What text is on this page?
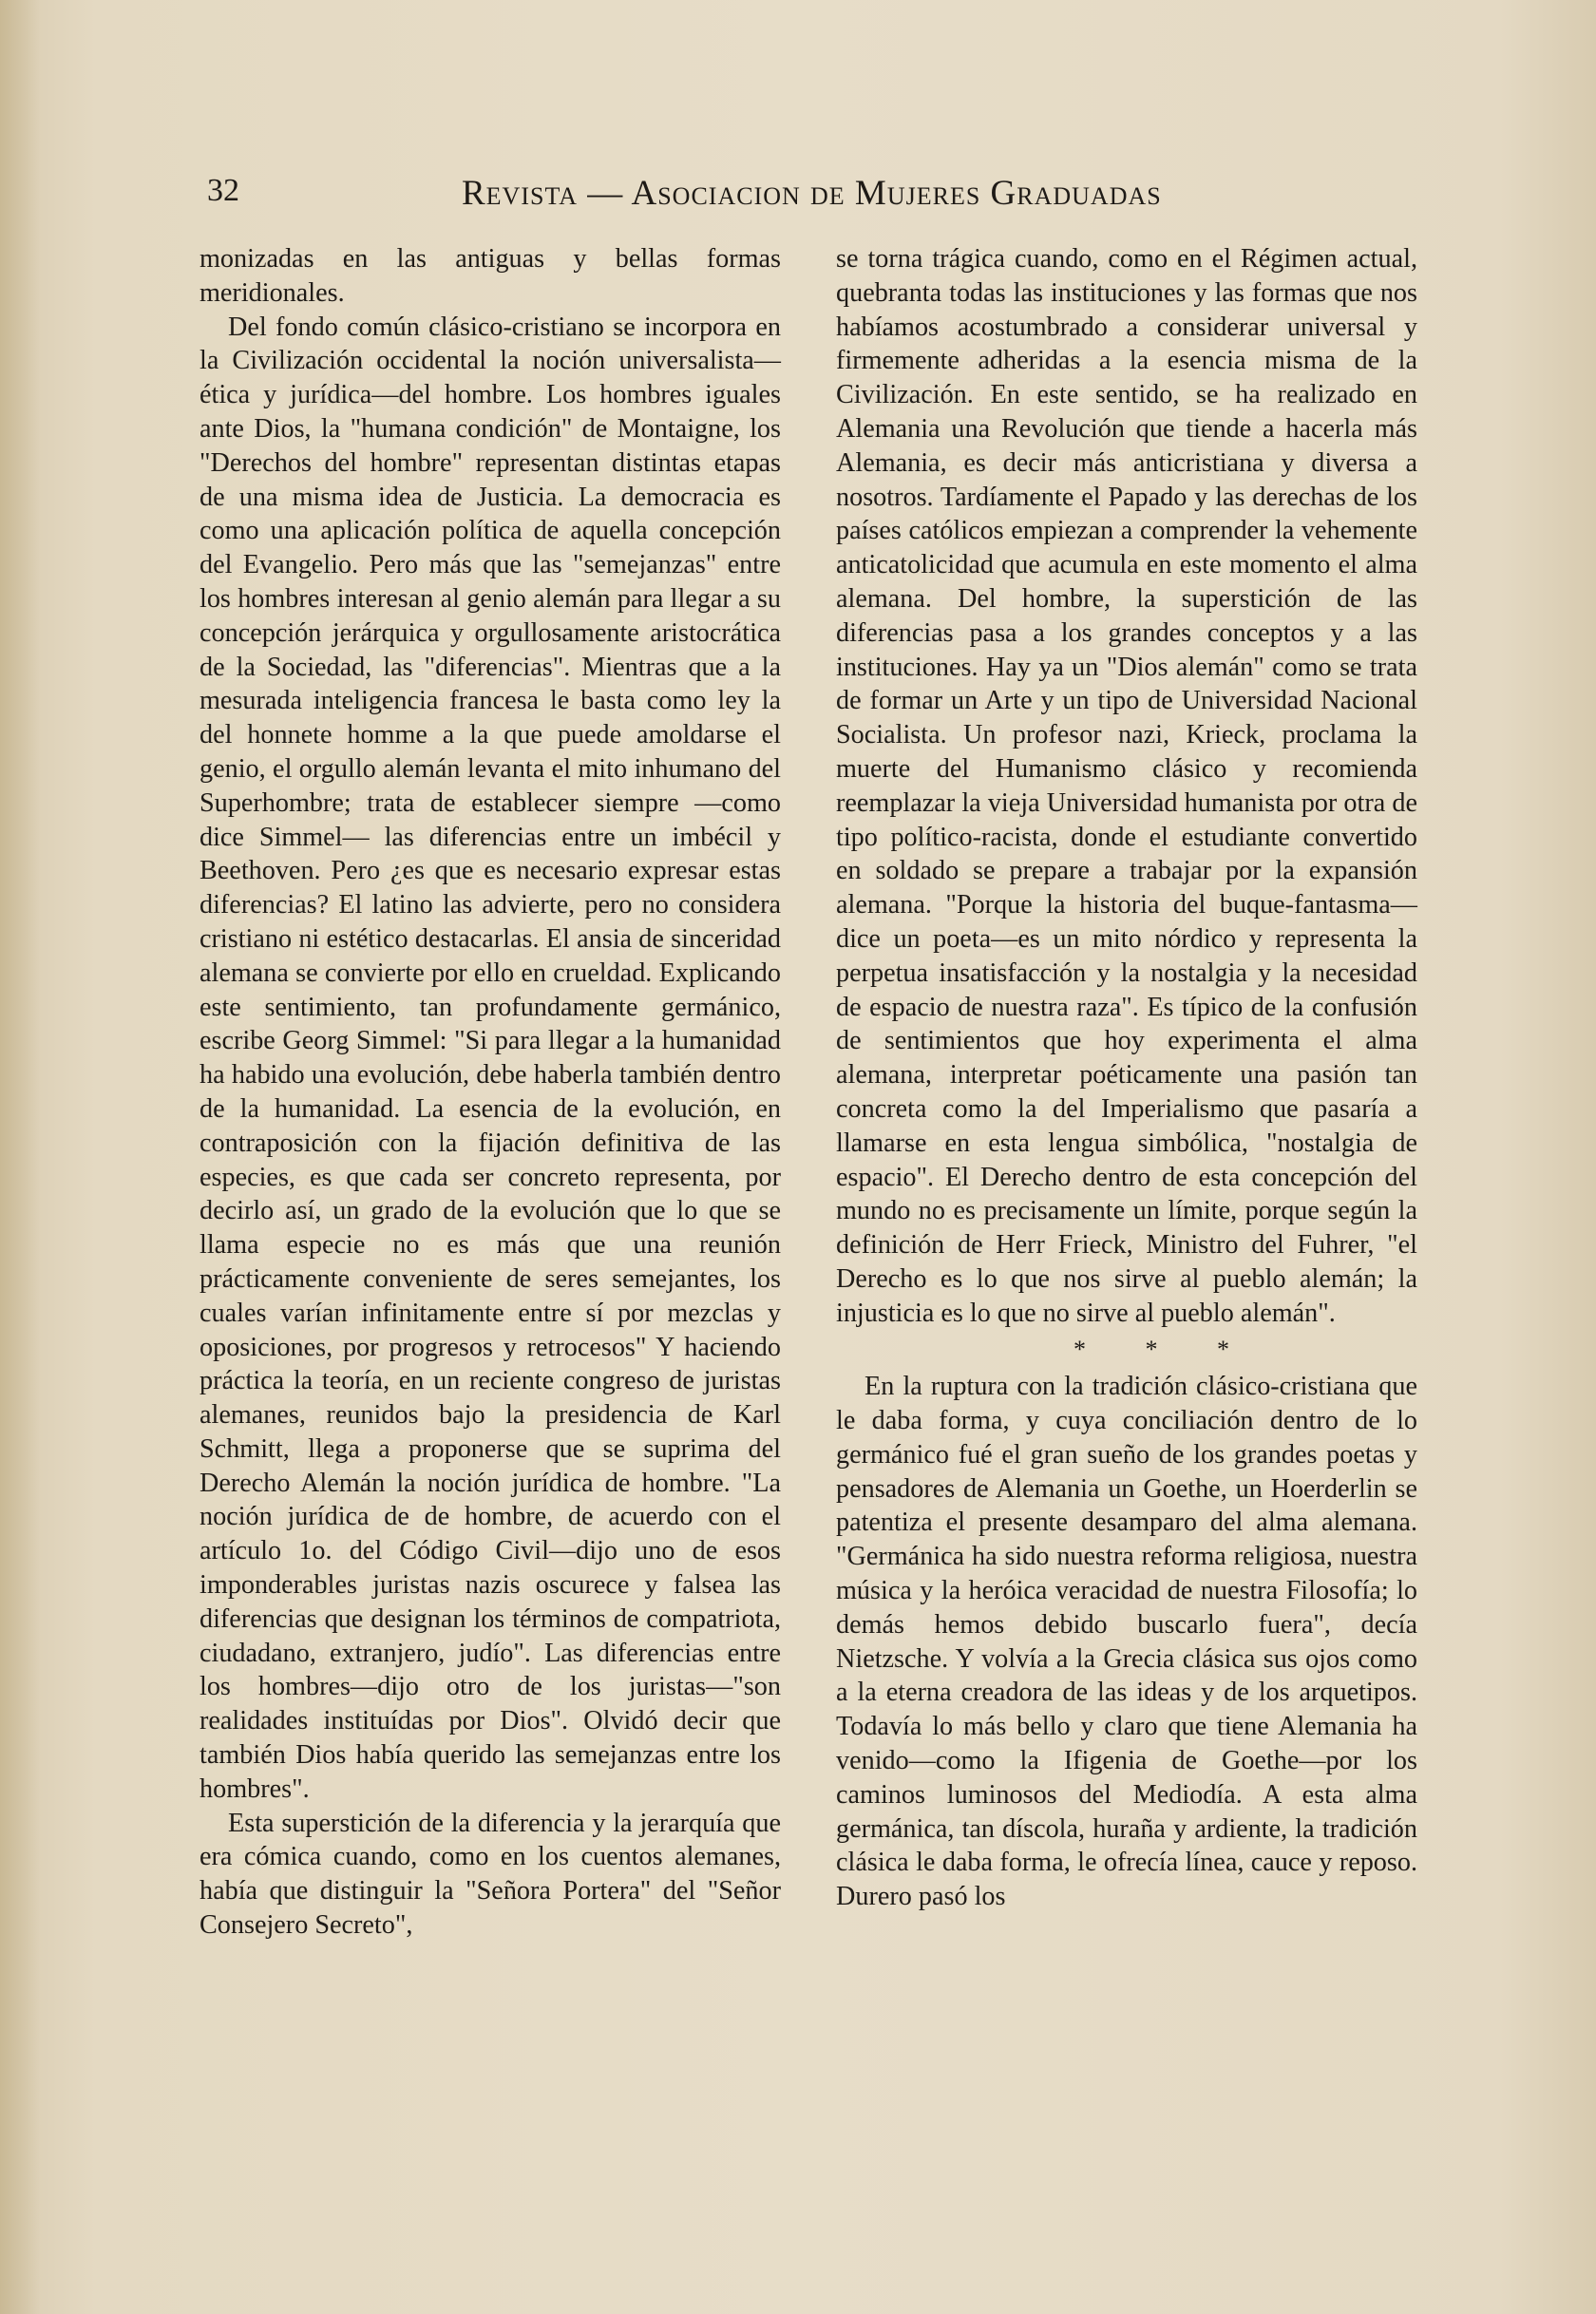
32	Revista — Asociacion de Mujeres Graduadas

monizadas en las antiguas y bellas formas meridionales.

Del fondo común clásico-cristiano se incorpora en la Civilización occidental la noción universalista—ética y jurídica—del hombre. Los hombres iguales ante Dios, la "humana condición" de Montaigne, los "Derechos del hombre" representan distintas etapas de una misma idea de Justicia. La democracia es como una aplicación política de aquella concepción del Evangelio. Pero más que las "semejanzas" entre los hombres interesan al genio alemán para llegar a su concepción jerárquica y orgullosamente aristocrática de la Sociedad, las "diferencias". Mientras que a la mesurada inteligencia francesa le basta como ley la del honnete homme a la que puede amoldarse el genio, el orgullo alemán levanta el mito inhumano del Superhombre; trata de establecer siempre —como dice Simmel— las diferencias entre un imbécil y Beethoven. Pero ¿es que es necesario expresar estas diferencias? El latino las advierte, pero no considera cristiano ni estético destacarlas. El ansia de sinceridad alemana se convierte por ello en crueldad. Explicando este sentimiento, tan profundamente germánico, escribe Georg Simmel: "Si para llegar a la humanidad ha habido una evolución, debe haberla también dentro de la humanidad. La esencia de la evolución, en contraposición con la fijación definitiva de las especies, es que cada ser concreto representa, por decirlo así, un grado de la evolución que lo que se llama especie no es más que una reunión prácticamente conveniente de seres semejantes, los cuales varían infinitamente entre sí por mezclas y oposiciones, por progresos y retrocesos" Y haciendo práctica la teoría, en un reciente congreso de juristas alemanes, reunidos bajo la presidencia de Karl Schmitt, llega a proponerse que se suprima del Derecho Alemán la noción jurídica de hombre. "La noción jurídica de de hombre, de acuerdo con el artículo 1o. del Código Civil—dijo uno de esos imponderables juristas nazis oscurece y falsea las diferencias que designan los términos de compatriota, ciudadano, extranjero, judío". Las diferencias entre los hombres—dijo otro de los juristas—"son realidades instituídas por Dios". Olvidó decir que también Dios había querido las semejanzas entre los hombres".

Esta superstición de la diferencia y la jerarquía que era cómica cuando, como en los cuentos alemanes, había que distinguir la "Señora Portera" del "Señor Consejero Secreto",

se torna trágica cuando, como en el Régimen actual, quebranta todas las instituciones y las formas que nos habíamos acostumbrado a considerar universal y firmemente adheridas a la esencia misma de la Civilización. En este sentido, se ha realizado en Alemania una Revolución que tiende a hacerla más Alemania, es decir más anticristiana y diversa a nosotros. Tardíamente el Papado y las derechas de los países católicos empiezan a comprender la vehemente anticatolicidad que acumula en este momento el alma alemana. Del hombre, la superstición de las diferencias pasa a los grandes conceptos y a las instituciones. Hay ya un "Dios alemán" como se trata de formar un Arte y un tipo de Universidad Nacional Socialista. Un profesor nazi, Krieck, proclama la muerte del Humanismo clásico y recomienda reemplazar la vieja Universidad humanista por otra de tipo político-racista, donde el estudiante convertido en soldado se prepare a trabajar por la expansión alemana. "Porque la historia del buque-fantasma—dice un poeta—es un mito nórdico y representa la perpetua insatisfacción y la nostalgia y la necesidad de espacio de nuestra raza". Es típico de la confusión de sentimientos que hoy experimenta el alma alemana, interpretar poéticamente una pasión tan concreta como la del Imperialismo que pasaría a llamarse en esta lengua simbólica, "nostalgia de espacio". El Derecho dentro de esta concepción del mundo no es precisamente un límite, porque según la definición de Herr Frieck, Ministro del Fuhrer, "el Derecho es lo que nos sirve al pueblo alemán; la injusticia es lo que no sirve al pueblo alemán".

* * *

En la ruptura con la tradición clásico-cristiana que le daba forma, y cuya conciliación dentro de lo germánico fué el gran sueño de los grandes poetas y pensadores de Alemania un Goethe, un Hoerderlin se patentiza el presente desamparo del alma alemana. "Germánica ha sido nuestra reforma religiosa, nuestra música y la heróica veracidad de nuestra Filosofía; lo demás hemos debido buscarlo fuera", decía Nietzsche. Y volvía a la Grecia clásica sus ojos como a la eterna creadora de las ideas y de los arquetipos. Todavía lo más bello y claro que tiene Alemania ha venido—como la Ifigenia de Goethe—por los caminos luminosos del Mediodía. A esta alma germánica, tan díscola, huraña y ardiente, la tradición clásica le daba forma, le ofrecía línea, cauce y reposo. Durero pasó los
